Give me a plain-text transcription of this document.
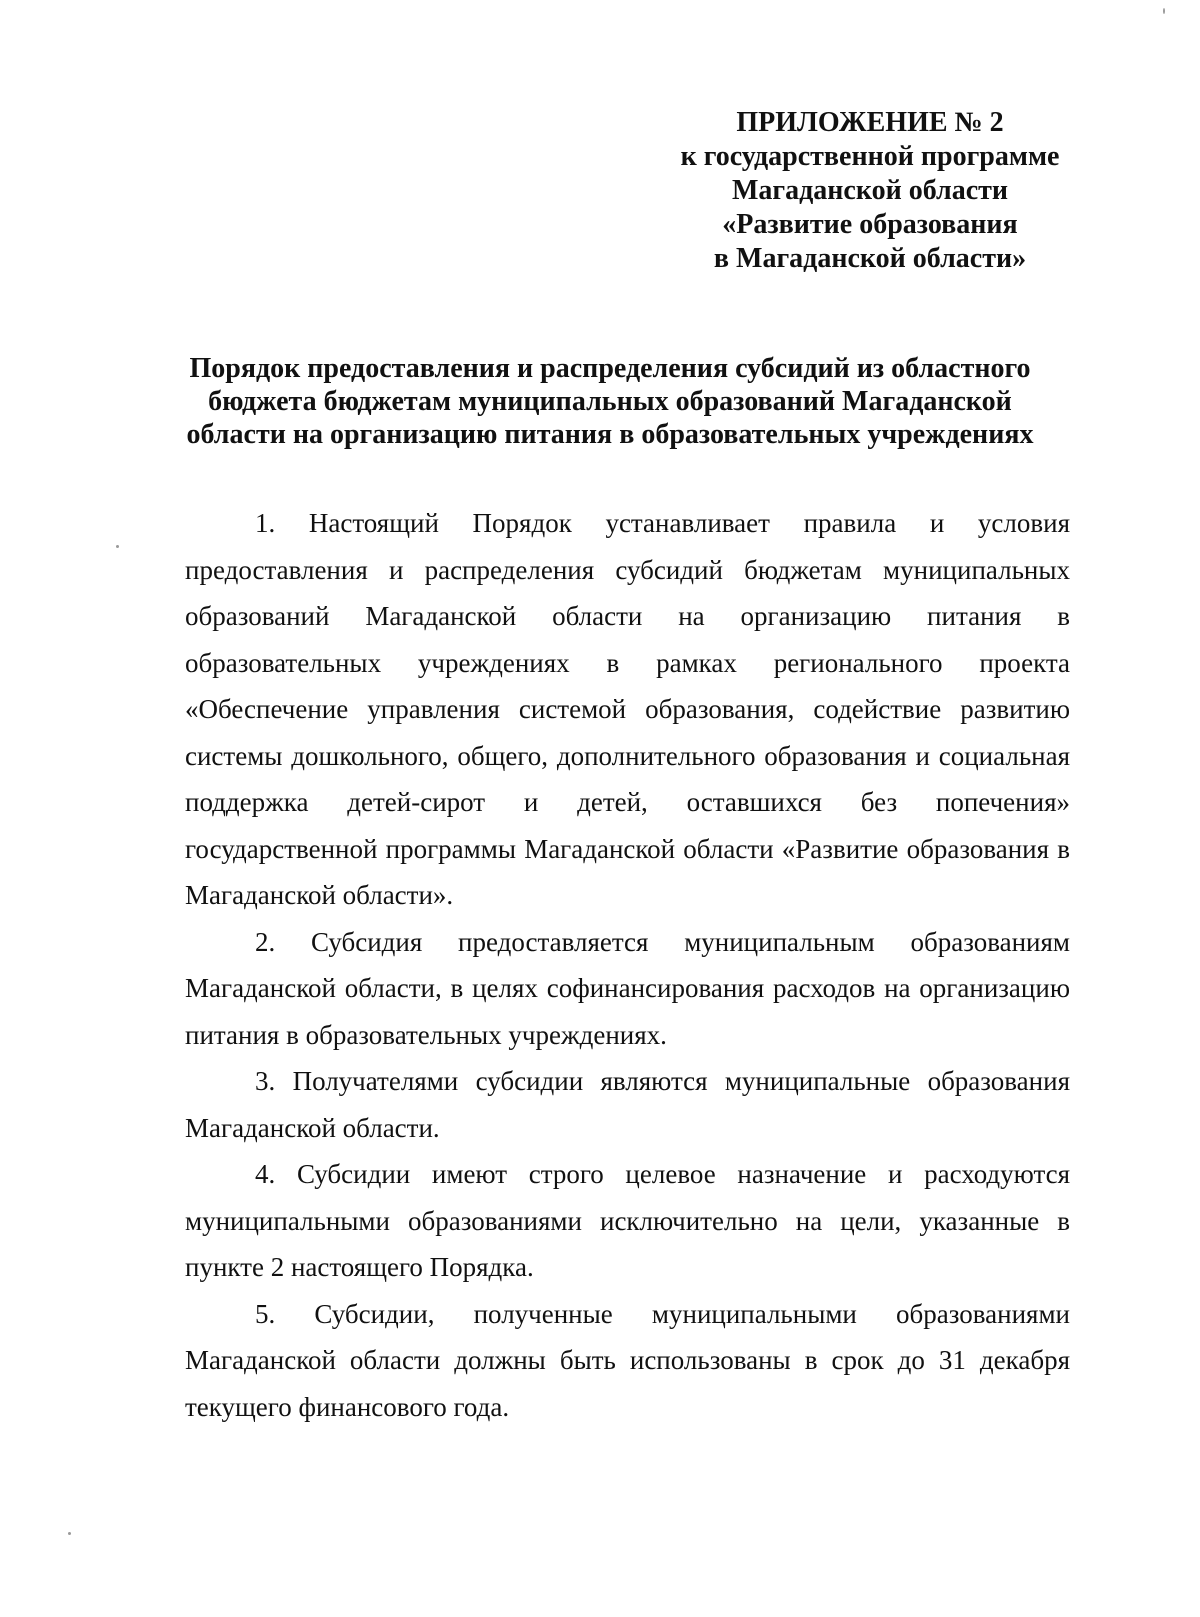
ПРИЛОЖЕНИЕ № 2
к государственной программе
Магаданской области
«Развитие образования
в Магаданской области»
Порядок предоставления и распределения субсидий из областного
бюджета бюджетам муниципальных образований Магаданской
области на организацию питания в образовательных учреждениях

1. Настоящий Порядок устанавливает правила и условия предоставления и распределения субсидий бюджетам муниципальных образований Магаданской области на организацию питания в образовательных учреждениях в рамках регионального проекта «Обеспечение управления системой образования, содействие развитию системы дошкольного, общего, дополнительного образования и социальная поддержка детей-сирот и детей, оставшихся без попечения» государственной программы Магаданской области «Развитие образования в Магаданской области».

2. Субсидия предоставляется муниципальным образованиям Магаданской области, в целях софинансирования расходов на организацию питания в образовательных учреждениях.

3. Получателями субсидии являются муниципальные образования Магаданской области.

4. Субсидии имеют строго целевое назначение и расходуются муниципальными образованиями исключительно на цели, указанные в пункте 2 настоящего Порядка.

5. Субсидии, полученные муниципальными образованиями Магаданской области должны быть использованы в срок до 31 декабря текущего финансового года.
